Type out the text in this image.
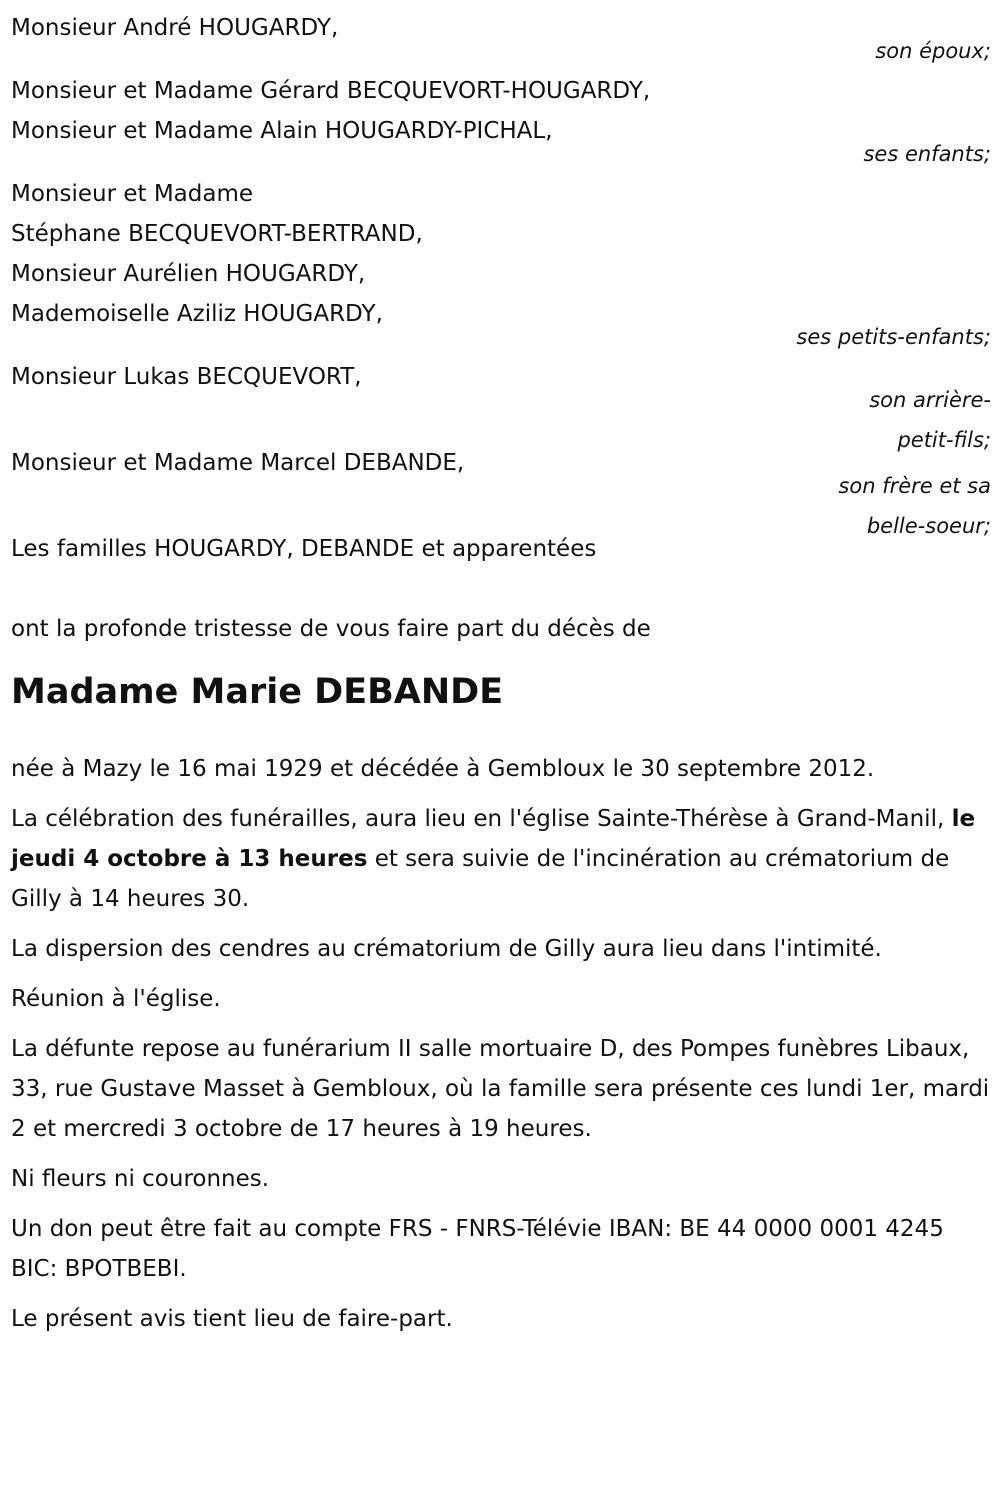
Monsieur André HOUGARDY,
son époux;
Monsieur et Madame Gérard BECQUEVORT-HOUGARDY,
Monsieur et Madame Alain HOUGARDY-PICHAL,
ses enfants;
Monsieur et Madame
Stéphane BECQUEVORT-BERTRAND,
Monsieur Aurélien HOUGARDY,
Mademoiselle Aziliz HOUGARDY,
ses petits-enfants;
Monsieur Lukas BECQUEVORT,
son arrière-
petit-fils;
Monsieur et Madame Marcel DEBANDE,
son frère et sa
belle-soeur;
Les familles HOUGARDY, DEBANDE et apparentées
ont la profonde tristesse de vous faire part du décès de
Madame Marie DEBANDE
née à Mazy le 16 mai 1929 et décédée à Gembloux le 30 septembre 2012.
La célébration des funérailles, aura lieu en l'église Sainte-Thérèse à Grand-Manil, le jeudi 4 octobre à 13 heures et sera suivie de l'incinération au crématorium de Gilly à 14 heures 30.
La dispersion des cendres au crématorium de Gilly aura lieu dans l'intimité.
Réunion à l'église.
La défunte repose au funérarium II salle mortuaire D, des Pompes funèbres Libaux, 33, rue Gustave Masset à Gembloux, où la famille sera présente ces lundi 1er, mardi 2 et mercredi 3 octobre de 17 heures à 19 heures.
Ni fleurs ni couronnes.
Un don peut être fait au compte FRS - FNRS-Télévie IBAN: BE 44 0000 0001 4245 BIC: BPOTBEBI.
Le présent avis tient lieu de faire-part.
